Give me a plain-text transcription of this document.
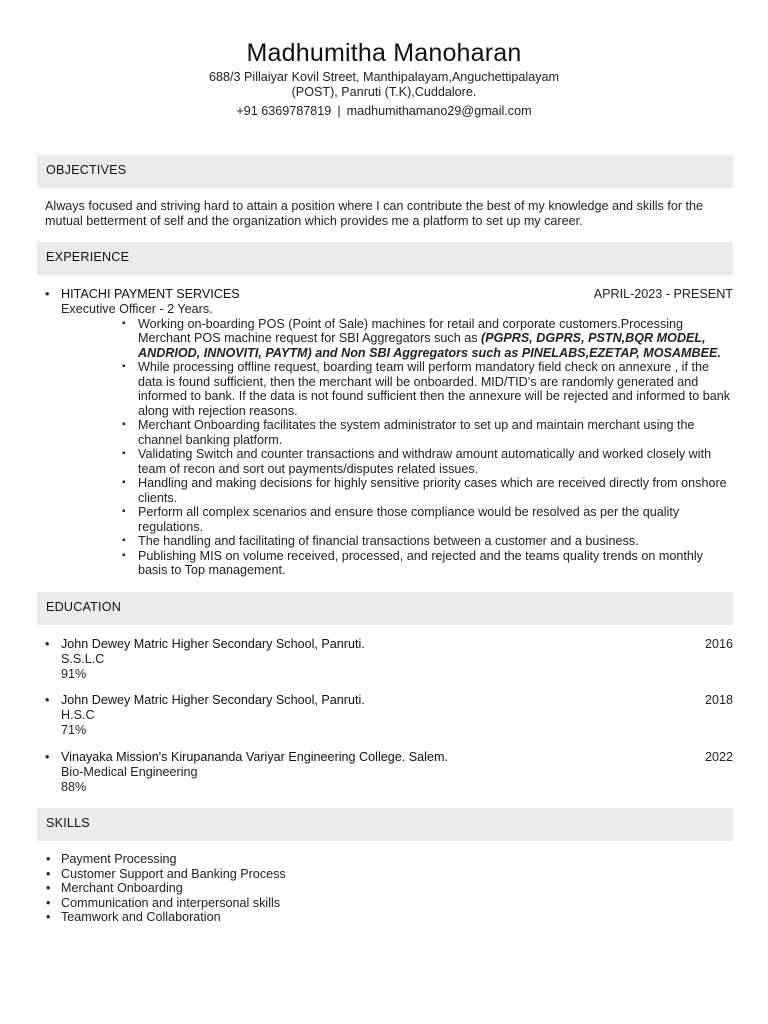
Madhumitha Manoharan
688/3 Pillaiyar Kovil Street, Manthipalayam,Anguchettipalayam
(POST), Panruti (T.K),Cuddalore.
+91 6369787819 | madhumithamano29@gmail.com
OBJECTIVES
Always focused and striving hard to attain a position where I can contribute the best of my knowledge and skills for the mutual betterment of self and the organization which provides me a platform to set up my career.
EXPERIENCE
• HITACHI PAYMENT SERVICES	APRIL-2023 - PRESENT
Executive Officer - 2 Years.
▪ Working on-boarding POS (Point of Sale) machines for retail and corporate customers.Processing Merchant POS machine request for SBI Aggregators such as (PGPRS, DGPRS, PSTN,BQR MODEL, ANDRIOD, INNOVITI, PAYTM) and Non SBI Aggregators such as PINELABS,EZETAP, MOSAMBEE.
▪ While processing offline request, boarding team will perform mandatory field check on annexure , if the data is found sufficient, then the merchant will be onboarded. MID/TID’s are randomly generated and informed to bank. If the data is not found sufficient then the annexure will be rejected and informed to bank along with rejection reasons.
▪ Merchant Onboarding facilitates the system administrator to set up and maintain merchant using the channel banking platform.
▪ Validating Switch and counter transactions and withdraw amount automatically and worked closely with team of recon and sort out payments/disputes related issues.
▪ Handling and making decisions for highly sensitive priority cases which are received directly from onshore clients.
▪ Perform all complex scenarios and ensure those compliance would be resolved as per the quality regulations.
▪ The handling and facilitating of financial transactions between a customer and a business.
▪ Publishing MIS on volume received, processed, and rejected and the teams quality trends on monthly basis to Top management.
EDUCATION
• John Dewey Matric Higher Secondary School, Panruti.	2016
S.S.L.C
91%
• John Dewey Matric Higher Secondary School, Panruti.	2018
H.S.C
71%
• Vinayaka Mission's Kirupananda Variyar Engineering College. Salem.	2022
Bio-Medical Engineering
88%
SKILLS
• Payment Processing
• Customer Support and Banking Process
• Merchant Onboarding
• Communication and interpersonal skills
• Teamwork and Collaboration
